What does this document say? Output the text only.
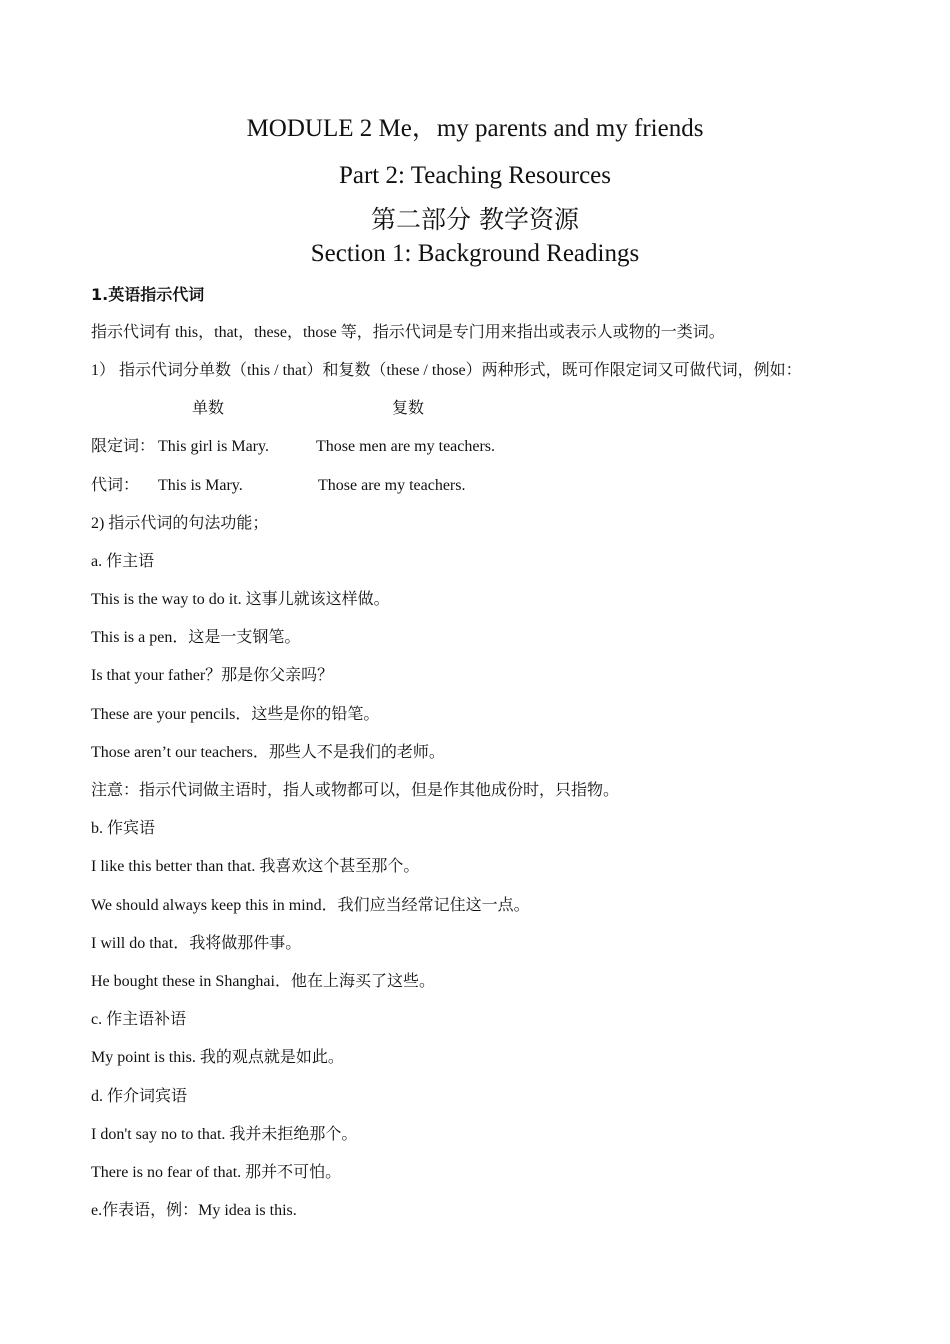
MODULE 2 Me，my parents and my friends
Part 2: Teaching Resources
第二部分 教学资源
Section 1: Background Readings
1.英语指示代词
指示代词有 this，that，these，those 等，指示代词是专门用来指出或表示人或物的一类词。
1） 指示代词分单数（this / that）和复数（these / those）两种形式，既可作限定词又可做代词，例如：
单数	复数
限定词： This girl is Mary.	Those men are my teachers.
代词： This is Mary.	Those are my teachers.
2) 指示代词的句法功能；
a. 作主语
This is the way to do it. 这事儿就该这样做。
This is a pen．这是一支钢笔。
Is that your father？那是你父亲吗？
These are your pencils．这些是你的铅笔。
Those aren’t our teachers．那些人不是我们的老师。
注意：指示代词做主语时，指人或物都可以，但是作其他成份时，只指物。
b. 作宾语
I like this better than that. 我喜欢这个甚至那个。
We should always keep this in mind．我们应当经常记住这一点。
I will do that．我将做那件事。
He bought these in Shanghai．他在上海买了这些。
c. 作主语补语
My point is this. 我的观点就是如此。
d. 作介词宾语
I don't say no to that. 我并未拒绝那个。
There is no fear of that. 那并不可怕。
e.作表语，例：My idea is this.
